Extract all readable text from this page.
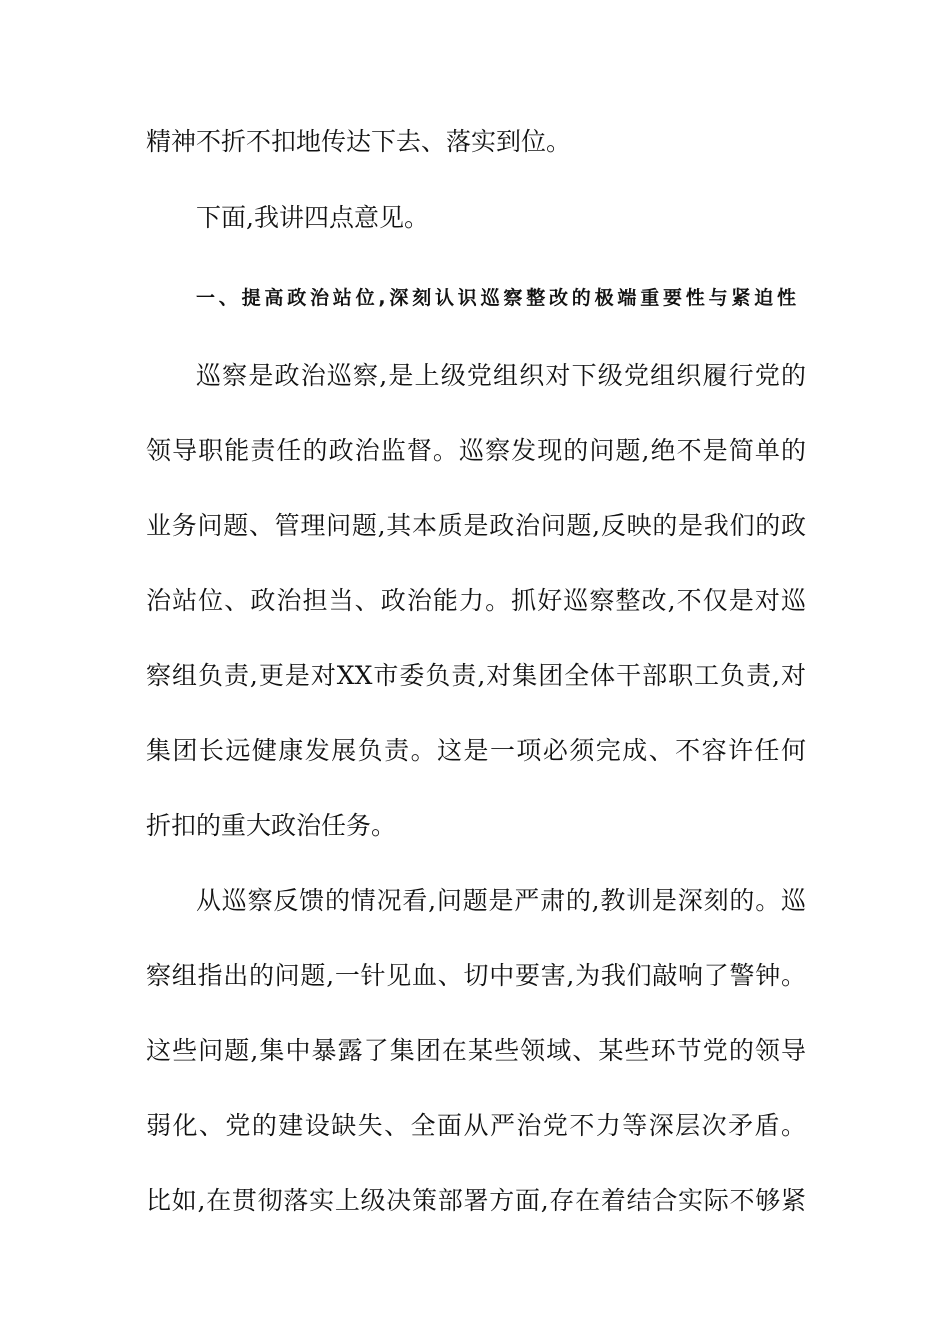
精神不折不扣地传达下去、落实到位。
下面,我讲四点意见。
一、提高政治站位,深刻认识巡察整改的极端重要性与紧迫性
巡察是政治巡察,是上级党组织对下级党组织履行党的
领导职能责任的政治监督。巡察发现的问题,绝不是简单的
业务问题、管理问题,其本质是政治问题,反映的是我们的政
治站位、政治担当、政治能力。抓好巡察整改,不仅是对巡
察组负责,更是对XX市委负责,对集团全体干部职工负责,对
集团长远健康发展负责。这是一项必须完成、不容许任何
折扣的重大政治任务。
从巡察反馈的情况看,问题是严肃的,教训是深刻的。巡
察组指出的问题,一针见血、切中要害,为我们敲响了警钟。
这些问题,集中暴露了集团在某些领域、某些环节党的领导
弱化、党的建设缺失、全面从严治党不力等深层次矛盾。
比如,在贯彻落实上级决策部署方面,存在着结合实际不够紧
